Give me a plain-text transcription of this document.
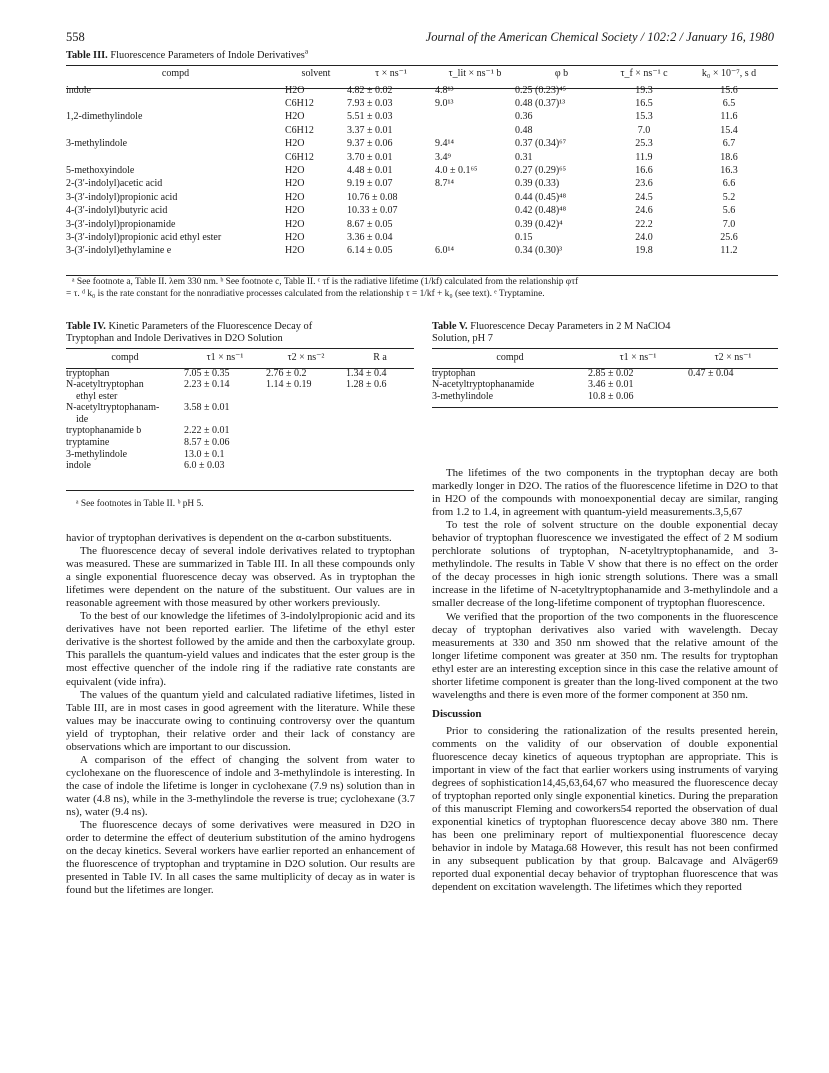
558	Journal of the American Chemical Society / 102:2 / January 16, 1980
Table III. Fluorescence Parameters of Indole Derivatives$^a$
compd	solvent	τ × ns⁻¹	τ_lit × ns⁻¹ b	φ b	τ_f × ns⁻¹ c	k₀ × 10⁻⁷, s d
indole	H2O	4.82 ± 0.02	4.8¹³	0.25 (0.23)⁴⁵	19.3	15.6
	C6H12	7.93 ± 0.03	9.0¹³	0.48 (0.37)¹³	16.5	6.5
1,2-dimethylindole	H2O	5.51 ± 0.03		0.36	15.3	11.6
	C6H12	3.37 ± 0.01		0.48	7.0	15.4
3-methylindole	H2O	9.37 ± 0.06	9.4¹⁴	0.37 (0.34)⁶⁷	25.3	6.7
	C6H12	3.70 ± 0.01	3.4⁹	0.31	11.9	18.6
5-methoxyindole	H2O	4.48 ± 0.01	4.0 ± 0.1⁶⁵	0.27 (0.29)⁶⁵	16.6	16.3
2-(3′-indolyl)acetic acid	H2O	9.19 ± 0.07	8.7¹⁴	0.39 (0.33)	23.6	6.6
3-(3′-indolyl)propionic acid	H2O	10.76 ± 0.08		0.44 (0.45)⁴⁸	24.5	5.2
4-(3′-indolyl)butyric acid	H2O	10.33 ± 0.07		0.42 (0.48)⁴⁸	24.6	5.6
3-(3′-indolyl)propionamide	H2O	8.67 ± 0.05		0.39 (0.42)⁴	22.2	7.0
3-(3′-indolyl)propionic acid ethyl ester	H2O	3.36 ± 0.04		0.15	24.0	25.6
3-(3′-indolyl)ethylamine e	H2O	6.14 ± 0.05	6.0¹⁴	0.34 (0.30)³	19.8	11.2
ᵃ See footnote a, Table II. λem 330 nm. ᵇ See footnote c, Table II. ᶜ τf is the radiative lifetime (1/kf) calculated from the relationship φτf
= τ. ᵈ k₀ is the rate constant for the nonradiative processes calculated from the relationship τ = 1/kf + k₀ (see text). ᵉ Tryptamine.
Table IV. Kinetic Parameters of the Fluorescence Decay of
Tryptophan and Indole Derivatives in D2O Solution
compd	τ1 × ns⁻¹	τ2 × ns⁻²	R a
tryptophan	7.05 ± 0.35	2.76 ± 0.2	1.34 ± 0.4
N-acetyltryptophan	2.23 ± 0.14	1.14 ± 0.19	1.28 ± 0.6
ethyl ester			
N-acetyltryptophanam-	3.58 ± 0.01		
ide			
tryptophanamide b	2.22 ± 0.01		
tryptamine	8.57 ± 0.06		
3-methylindole	13.0 ± 0.1		
indole	6.0 ± 0.03		
ᵃ See footnotes in Table II. ᵇ pH 5.
Table V. Fluorescence Decay Parameters in 2 M NaClO4
Solution, pH 7
compd	τ1 × ns⁻¹	τ2 × ns⁻¹
tryptophan	2.85 ± 0.02	0.47 ± 0.04
N-acetyltryptophanamide	3.46 ± 0.01	
3-methylindole	10.8 ± 0.06	

havior of tryptophan derivatives is dependent on the α-carbon substituents.

The fluorescence decay of several indole derivatives related to tryptophan was measured. These are summarized in Table III. In all these compounds only a single exponential fluorescence decay was observed. As in tryptophan the lifetimes were dependent on the nature of the substituent. Our values are in reasonable agreement with those measured by other workers previously.

To the best of our knowledge the lifetimes of 3-indolylpropionic acid and its derivatives have not been reported earlier. The lifetime of the ethyl ester derivative is the shortest followed by the amide and then the carboxylate group. This parallels the quantum-yield values and indicates that the ester group is the most effective quencher of the indole ring if the radiative rate constants are equivalent (vide infra).

The values of the quantum yield and calculated radiative lifetimes, listed in Table III, are in most cases in good agreement with the literature. While these values may be inaccurate owing to continuing controversy over the quantum yield of tryptophan, their relative order and their lack of constancy are observations which are important to our discussion.

A comparison of the effect of changing the solvent from water to cyclohexane on the fluorescence of indole and 3-methylindole is interesting. In the case of indole the lifetime is longer in cyclohexane (7.9 ns) solution than in water (4.8 ns), while in the 3-methylindole the reverse is true; cyclohexane (3.7 ns), water (9.4 ns).

The fluorescence decays of some derivatives were measured in D2O in order to determine the effect of deuterium substitution of the amino hydrogens on the decay kinetics. Several workers have earlier reported an enhancement of the fluorescence of tryptophan and tryptamine in D2O solution. Our results are presented in Table IV. In all cases the same multiplicity of decay as in water is found but the lifetimes are longer.

The lifetimes of the two components in the tryptophan decay are both markedly longer in D2O. The ratios of the fluorescence lifetime in D2O to that in H2O of the compounds with monoexponential decay are similar, ranging from 1.2 to 1.4, in agreement with quantum-yield measurements.3,5,67

To test the role of solvent structure on the double exponential decay behavior of tryptophan fluorescence we investigated the effect of 2 M sodium perchlorate solutions of tryptophan, N-acetyltryptophanamide, and 3-methylindole. The results in Table V show that there is no effect on the order of the decay processes in high ionic strength solutions. There was a small increase in the lifetime of N-acetyltryptophanamide and 3-methylindole and a smaller decrease of the long-lifetime component of tryptophan fluorescence.

We verified that the proportion of the two components in the fluorescence decay of tryptophan derivatives also varied with wavelength. Decay measurements at 330 and 350 nm showed that the relative amount of the longer lifetime component was greater at 350 nm. The results for tryptophan ethyl ester are an interesting exception since in this case the relative amount of shorter lifetime component is greater than the long-lived component at the two wavelengths and there is even more of the former component at 350 nm.

Discussion

Prior to considering the rationalization of the results presented herein, comments on the validity of our observation of double exponential fluorescence decay kinetics of aqueous tryptophan are appropriate. This is important in view of the fact that earlier workers using instruments of varying degrees of sophistication14,45,63,64,67 who measured the fluorescence decay of tryptophan reported only single exponential kinetics. During the preparation of this manuscript Fleming and coworkers54 reported the observation of dual exponential kinetics of tryptophan fluorescence decay above 380 nm. There has been one preliminary report of multiexponential fluorescence decay behavior in indole by Mataga.68 However, this result has not been confirmed in any subsequent publication by that group. Balcavage and Alväger69 reported dual exponential decay behavior of tryptophan fluorescence that was dependent on excitation wavelength. The lifetimes which they reported
